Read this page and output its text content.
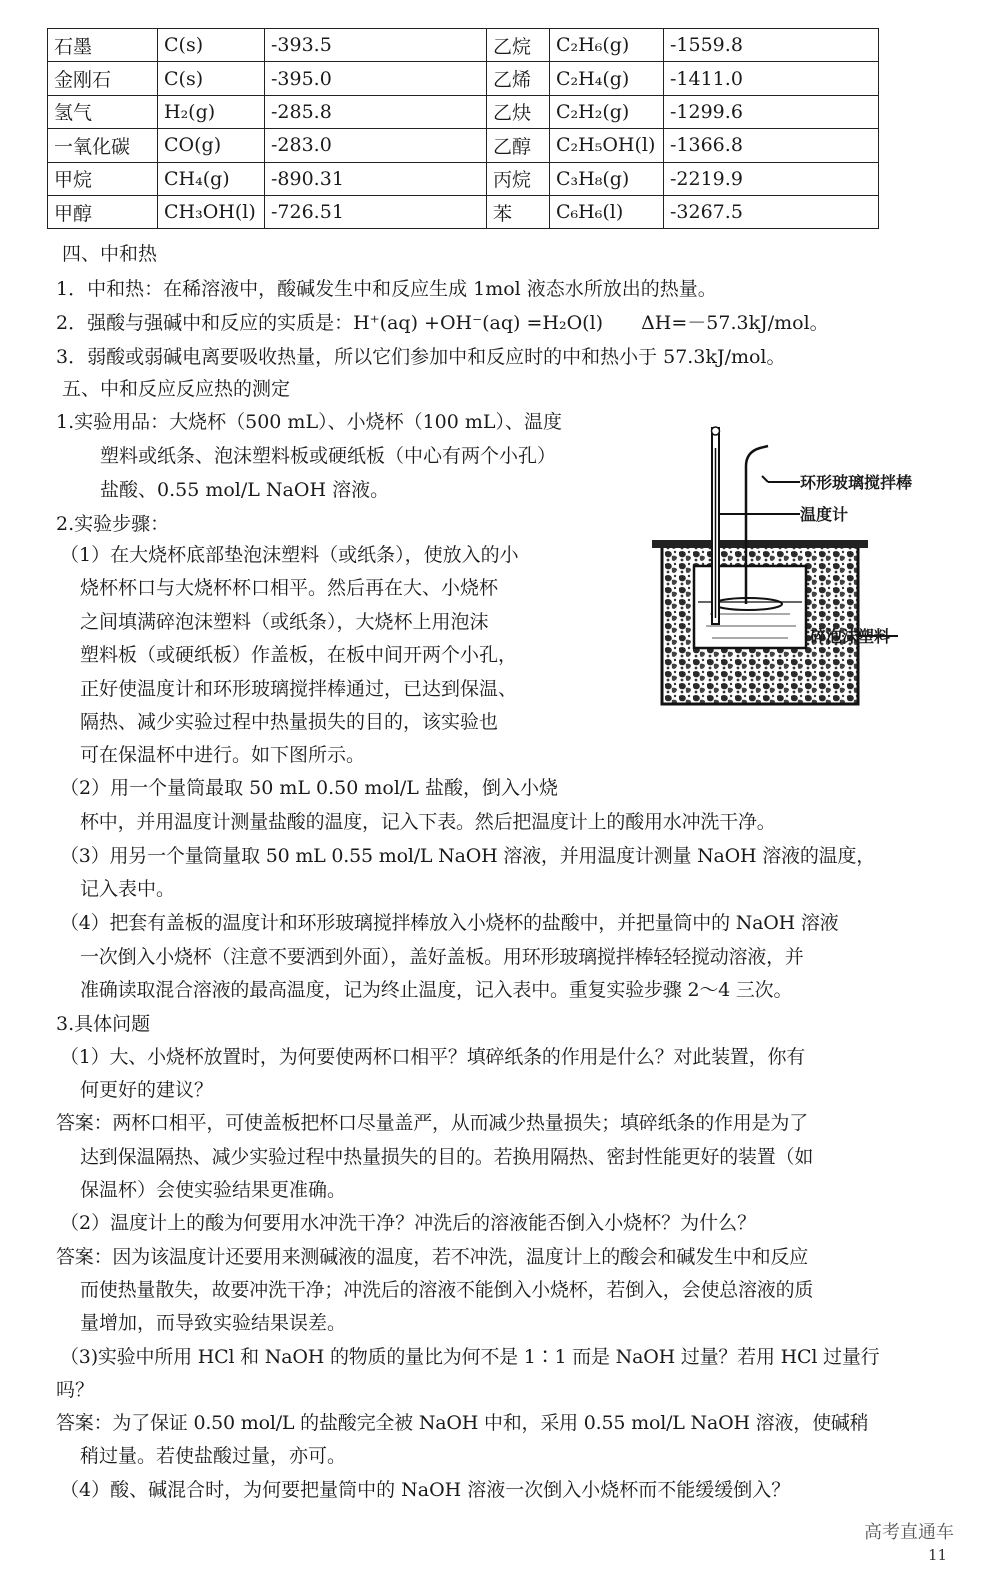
石墨	C(s)	-393.5	乙烷	C₂H₆(g)	-1559.8
金刚石	C(s)	-395.0	乙烯	C₂H₄(g)	-1411.0
氢气	H₂(g)	-285.8	乙炔	C₂H₂(g)	-1299.6
一氧化碳	CO(g)	-283.0	乙醇	C₂H₅OH(l)	-1366.8
甲烷	CH₄(g)	-890.31	丙烷	C₃H₈(g)	-2219.9
甲醇	CH₃OH(l)	-726.51	苯	C₆H₆(l)	-3267.5
四、中和热
1．中和热：在稀溶液中，酸碱发生中和反应生成 1mol 液态水所放出的热量。
2．强酸与强碱中和反应的实质是：H⁺(aq) +OH⁻(aq) =H₂O(l)　　ΔH=－57.3kJ/mol。
3．弱酸或弱碱电离要吸收热量，所以它们参加中和反应时的中和热小于 57.3kJ/mol。
五、中和反应反应热的测定
1.实验用品：大烧杯（500 mL）、小烧杯（100 mL）、温度
塑料或纸条、泡沫塑料板或硬纸板（中心有两个小孔）
盐酸、0.55 mol/L NaOH 溶液。
2.实验步骤：
（1）在大烧杯底部垫泡沫塑料（或纸条），使放入的小
烧杯杯口与大烧杯杯口相平。然后再在大、小烧杯
之间填满碎泡沫塑料（或纸条），大烧杯上用泡沫
塑料板（或硬纸板）作盖板，在板中间开两个小孔，
正好使温度计和环形玻璃搅拌棒通过，已达到保温、
隔热、减少实验过程中热量损失的目的，该实验也
可在保温杯中进行。如下图所示。
（2）用一个量筒最取 50 mL 0.50 mol/L 盐酸，倒入小烧
杯中，并用温度计测量盐酸的温度，记入下表。然后把温度计上的酸用水冲洗干净。
（3）用另一个量筒量取 50 mL 0.55 mol/L NaOH 溶液，并用温度计测量 NaOH 溶液的温度，
记入表中。
（4）把套有盖板的温度计和环形玻璃搅拌棒放入小烧杯的盐酸中，并把量筒中的 NaOH 溶液
一次倒入小烧杯（注意不要洒到外面），盖好盖板。用环形玻璃搅拌棒轻轻搅动溶液，并
准确读取混合溶液的最高温度，记为终止温度，记入表中。重复实验步骤 2～4 三次。
3.具体问题
（1）大、小烧杯放置时，为何要使两杯口相平？填碎纸条的作用是什么？对此装置，你有
何更好的建议？
答案：两杯口相平，可使盖板把杯口尽量盖严，从而减少热量损失；填碎纸条的作用是为了
达到保温隔热、减少实验过程中热量损失的目的。若换用隔热、密封性能更好的装置（如
保温杯）会使实验结果更准确。
（2）温度计上的酸为何要用水冲洗干净？冲洗后的溶液能否倒入小烧杯？为什么？
答案：因为该温度计还要用来测碱液的温度，若不冲洗，温度计上的酸会和碱发生中和反应
而使热量散失，故要冲洗干净；冲洗后的溶液不能倒入小烧杯，若倒入，会使总溶液的质
量增加，而导致实验结果误差。
（3)实验中所用 HCl 和 NaOH 的物质的量比为何不是 1∶1 而是 NaOH 过量？若用 HCl 过量行
吗？
答案：为了保证 0.50 mol/L 的盐酸完全被 NaOH 中和，采用 0.55 mol/L NaOH 溶液，使碱稍
稍过量。若使盐酸过量，亦可。
（4）酸、碱混合时，为何要把量筒中的 NaOH 溶液一次倒入小烧杯而不能缓缓倒入？
环形玻璃搅拌棒
温度计
碎泡沫塑料
高考直通车
11
